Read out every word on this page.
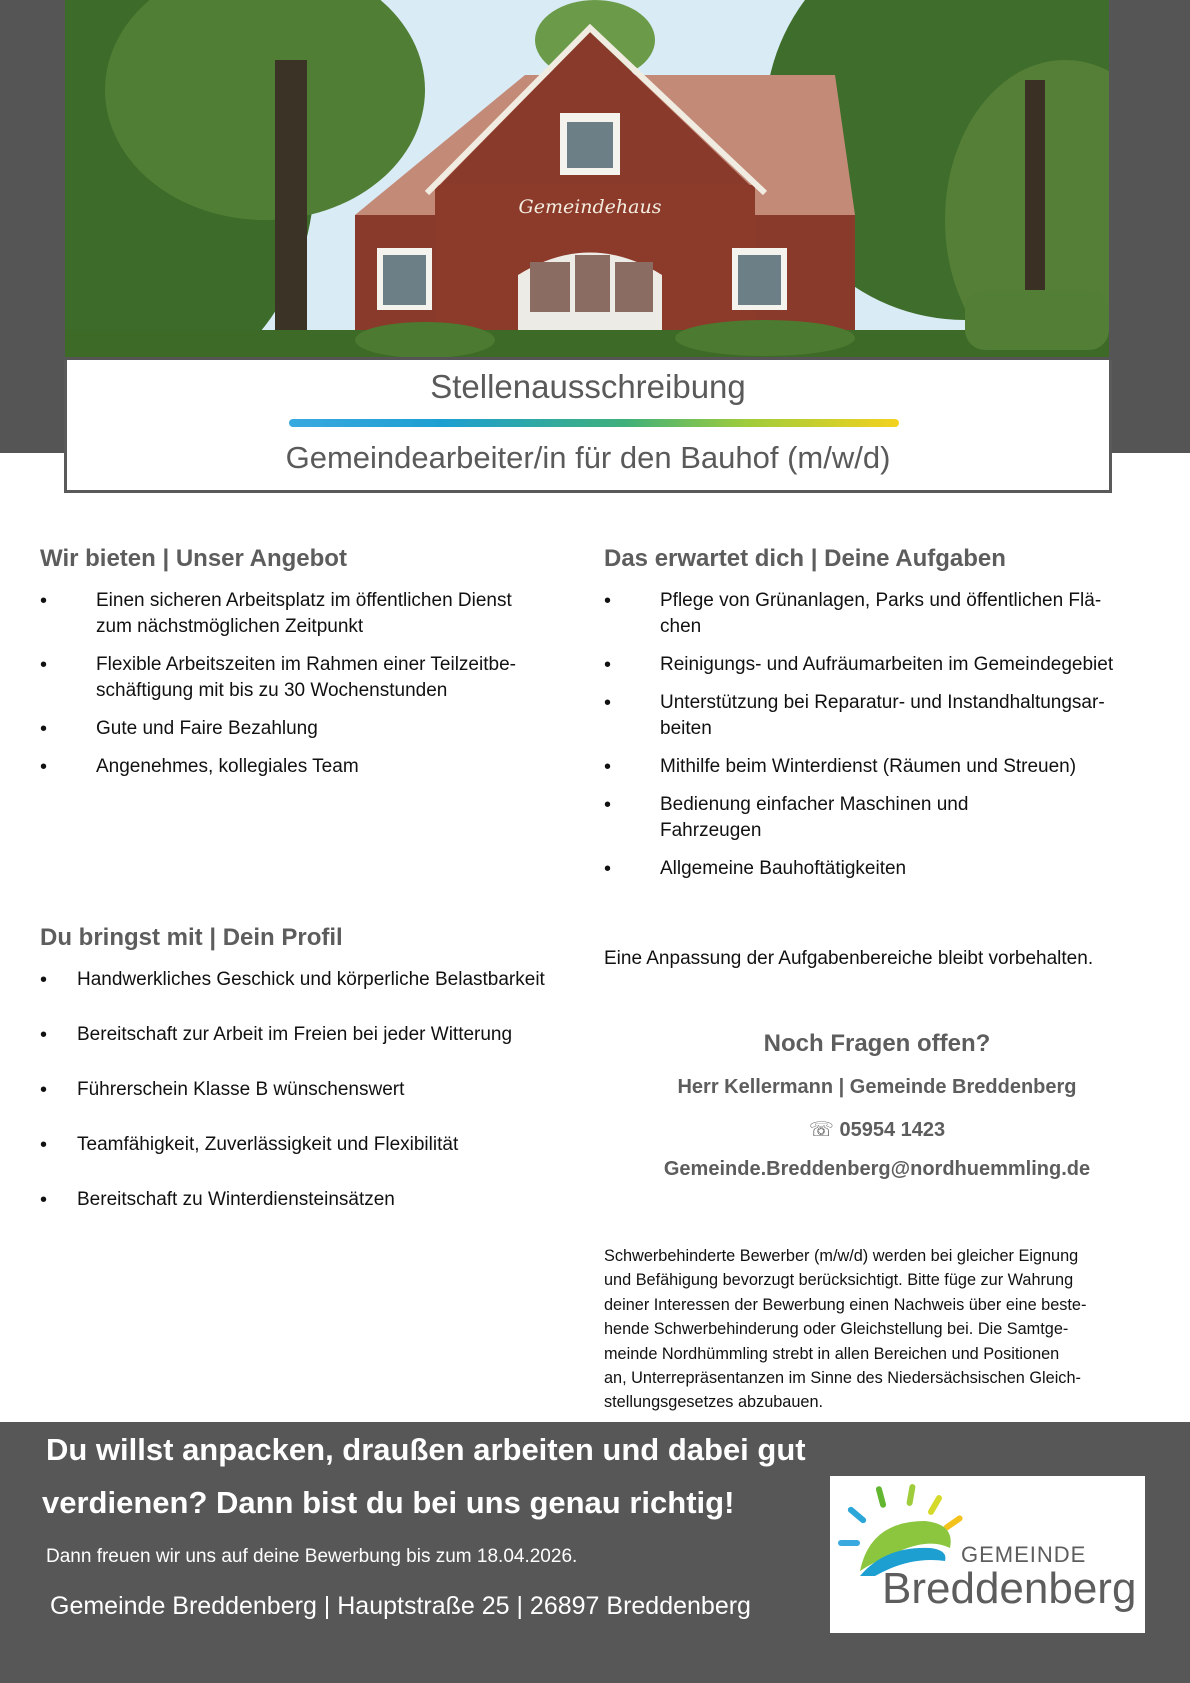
Gemeindehaus
Stellenausschreibung
Gemeindearbeiter/in für den Bauhof (m/w/d)
Wir bieten | Unser Angebot
•	Einen sicheren Arbeitsplatz im öffentlichen Dienst
zum nächstmöglichen Zeitpunkt
•	Flexible Arbeitszeiten im Rahmen einer Teilzeitbe-
schäftigung mit bis zu 30 Wochenstunden
•	Gute und Faire Bezahlung
•	Angenehmes, kollegiales Team
Das erwartet dich | Deine Aufgaben
•	Pflege von Grünanlagen, Parks und öffentlichen Flä-
chen
•	Reinigungs- und Aufräumarbeiten im Gemeindegebiet
•	Unterstützung bei Reparatur- und Instandhaltungsar-
beiten
•	Mithilfe beim Winterdienst (Räumen und Streuen)
•	Bedienung einfacher Maschinen und
Fahrzeugen
•	Allgemeine Bauhoftätigkeiten
Du bringst mit | Dein Profil
• Handwerkliches Geschick und körperliche Belastbarkeit
• Bereitschaft zur Arbeit im Freien bei jeder Witterung
• Führerschein Klasse B wünschenswert
• Teamfähigkeit, Zuverlässigkeit und Flexibilität
• Bereitschaft zu Winterdiensteinsätzen
Eine Anpassung der Aufgabenbereiche bleibt vorbehalten.
Noch Fragen offen?
Herr Kellermann | Gemeinde Breddenberg
☏ 05954 1423
Gemeinde.Breddenberg@nordhuemmling.de
Schwerbehinderte Bewerber (m/w/d) werden bei gleicher Eignung
und Befähigung bevorzugt berücksichtigt. Bitte füge zur Wahrung
deiner Interessen der Bewerbung einen Nachweis über eine beste-
hende Schwerbehinderung oder Gleichstellung bei. Die Samtge-
meinde Nordhümmling strebt in allen Bereichen und Positionen
an, Unterrepräsentanzen im Sinne des Niedersächsischen Gleich-
stellungsgesetzes abzubauen.
Du willst anpacken, draußen arbeiten und dabei gut
verdienen? Dann bist du bei uns genau richtig!
Dann freuen wir uns auf deine Bewerbung bis zum 18.04.2026.
Gemeinde Breddenberg | Hauptstraße 25 | 26897 Breddenberg
GEMEINDE
Breddenberg
